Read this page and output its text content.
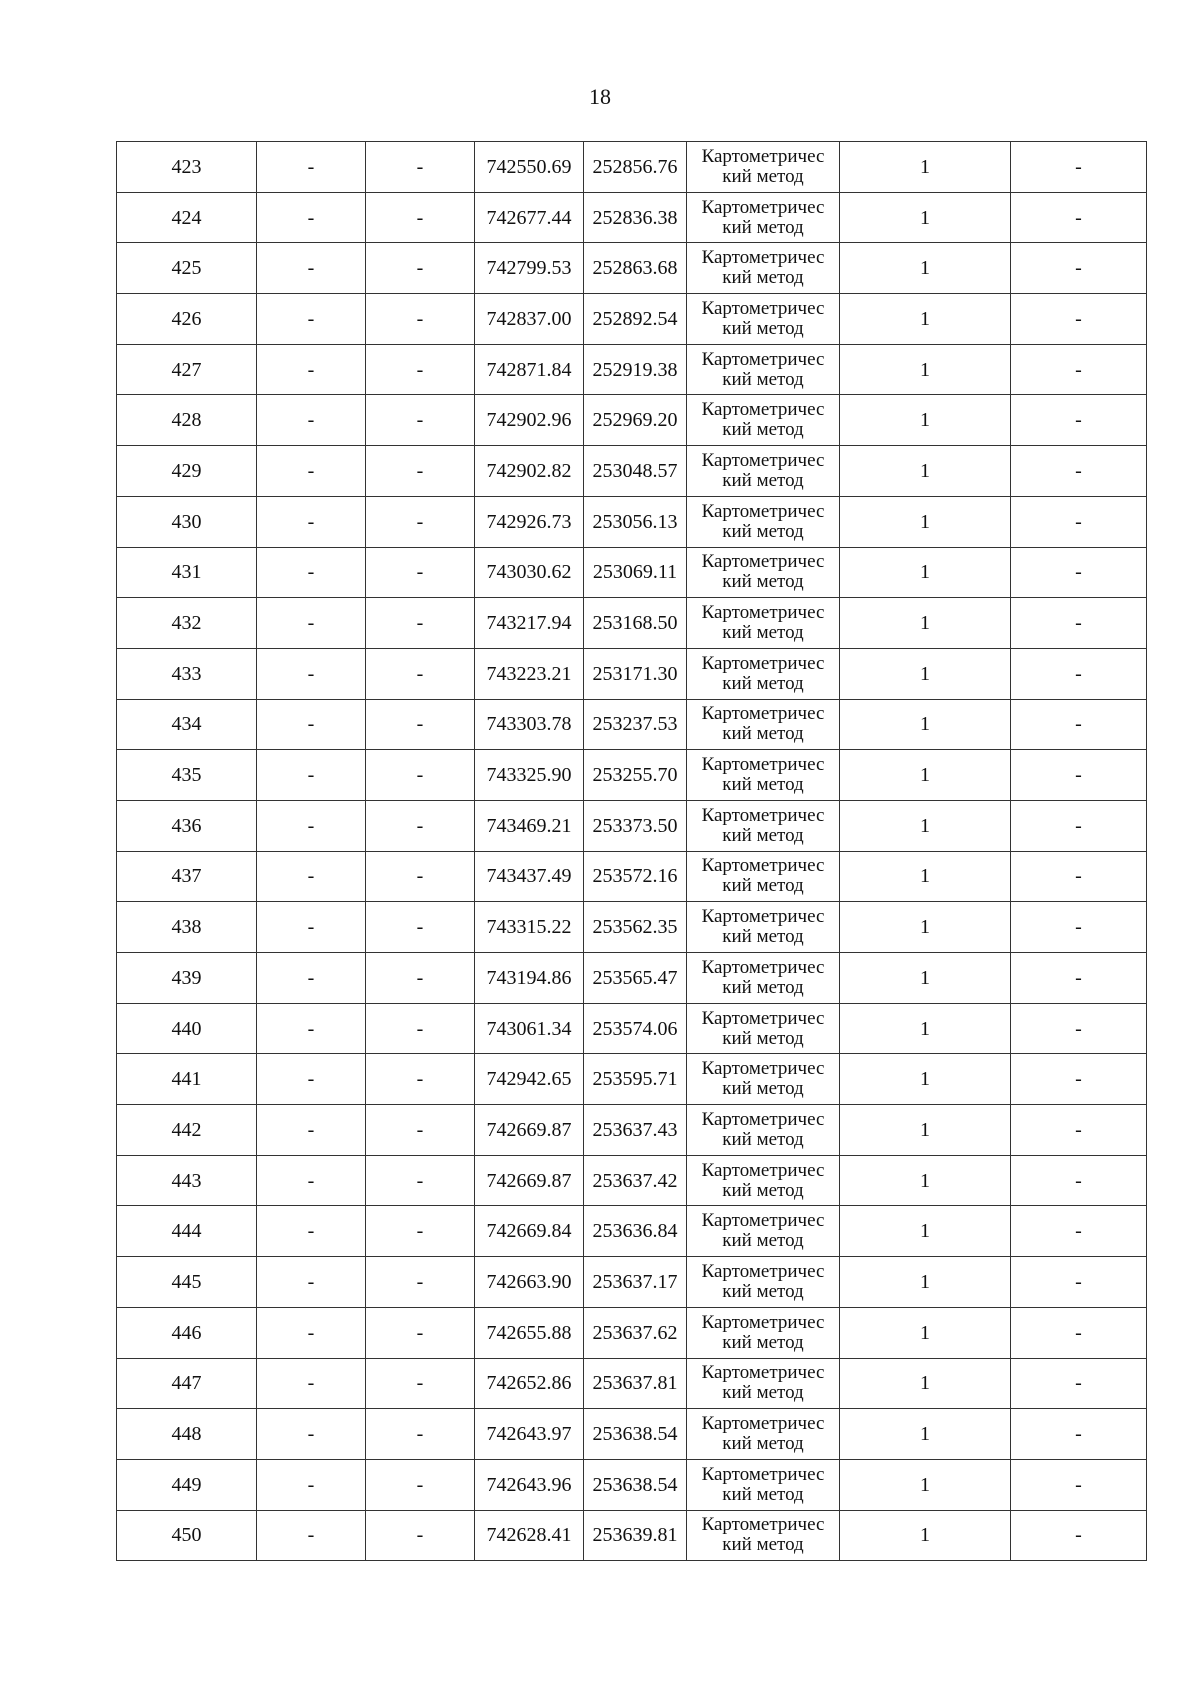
18
423	-	-	742550.69	252856.76	Картометричес
кий метод	1	-
424	-	-	742677.44	252836.38	Картометричес
кий метод	1	-
425	-	-	742799.53	252863.68	Картометричес
кий метод	1	-
426	-	-	742837.00	252892.54	Картометричес
кий метод	1	-
427	-	-	742871.84	252919.38	Картометричес
кий метод	1	-
428	-	-	742902.96	252969.20	Картометричес
кий метод	1	-
429	-	-	742902.82	253048.57	Картометричес
кий метод	1	-
430	-	-	742926.73	253056.13	Картометричес
кий метод	1	-
431	-	-	743030.62	253069.11	Картометричес
кий метод	1	-
432	-	-	743217.94	253168.50	Картометричес
кий метод	1	-
433	-	-	743223.21	253171.30	Картометричес
кий метод	1	-
434	-	-	743303.78	253237.53	Картометричес
кий метод	1	-
435	-	-	743325.90	253255.70	Картометричес
кий метод	1	-
436	-	-	743469.21	253373.50	Картометричес
кий метод	1	-
437	-	-	743437.49	253572.16	Картометричес
кий метод	1	-
438	-	-	743315.22	253562.35	Картометричес
кий метод	1	-
439	-	-	743194.86	253565.47	Картометричес
кий метод	1	-
440	-	-	743061.34	253574.06	Картометричес
кий метод	1	-
441	-	-	742942.65	253595.71	Картометричес
кий метод	1	-
442	-	-	742669.87	253637.43	Картометричес
кий метод	1	-
443	-	-	742669.87	253637.42	Картометричес
кий метод	1	-
444	-	-	742669.84	253636.84	Картометричес
кий метод	1	-
445	-	-	742663.90	253637.17	Картометричес
кий метод	1	-
446	-	-	742655.88	253637.62	Картометричес
кий метод	1	-
447	-	-	742652.86	253637.81	Картометричес
кий метод	1	-
448	-	-	742643.97	253638.54	Картометричес
кий метод	1	-
449	-	-	742643.96	253638.54	Картометричес
кий метод	1	-
450	-	-	742628.41	253639.81	Картометричес
кий метод	1	-
